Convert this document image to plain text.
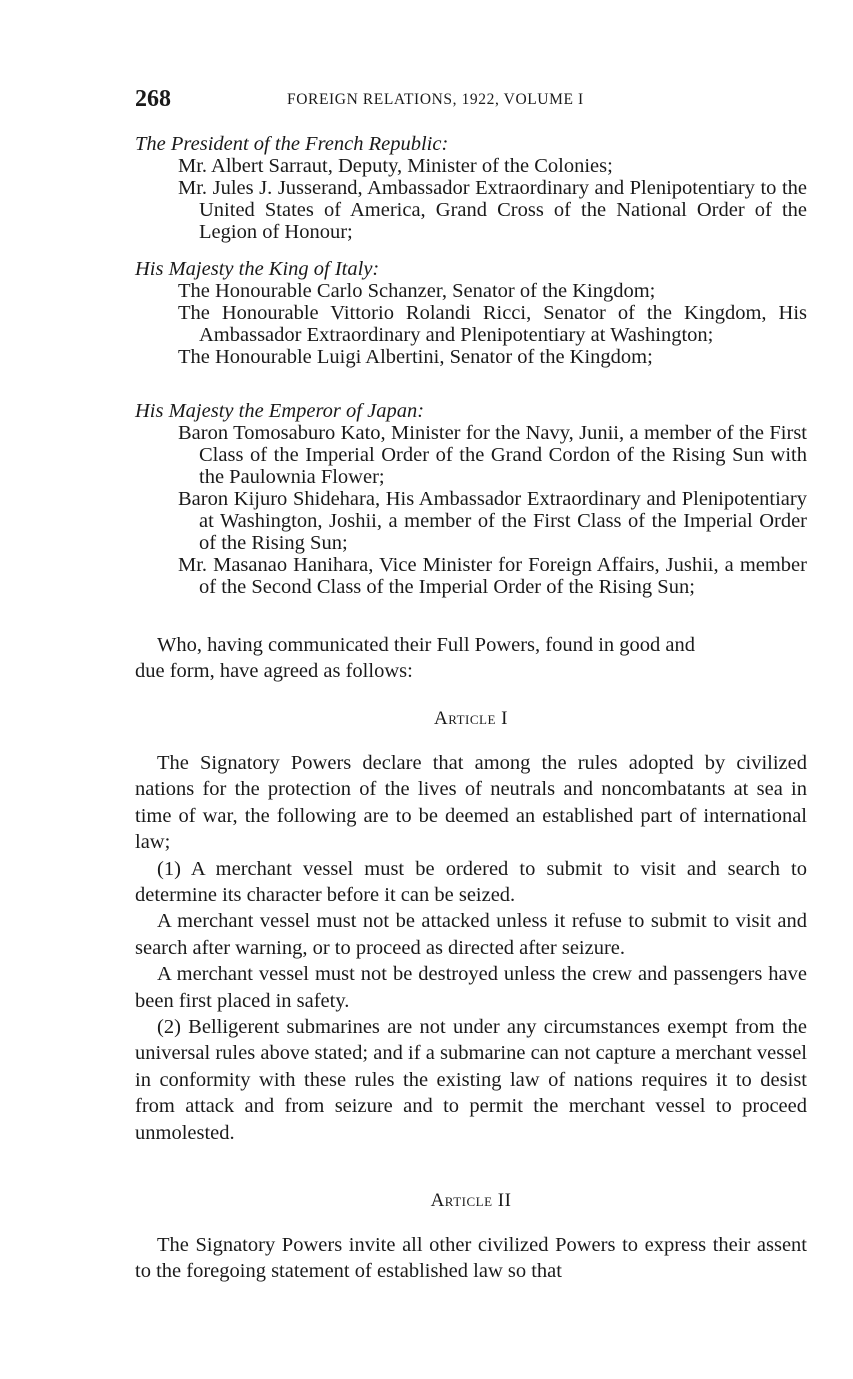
268	FOREIGN RELATIONS, 1922, VOLUME I
The President of the French Republic:
Mr. Albert Sarraut, Deputy, Minister of the Colonies;
Mr. Jules J. Jusserand, Ambassador Extraordinary and Plenipotentiary to the United States of America, Grand Cross of the National Order of the Legion of Honour;
His Majesty the King of Italy:
The Honourable Carlo Schanzer, Senator of the Kingdom;
The Honourable Vittorio Rolandi Ricci, Senator of the Kingdom, His Ambassador Extraordinary and Plenipotentiary at Washington;
The Honourable Luigi Albertini, Senator of the Kingdom;
His Majesty the Emperor of Japan:
Baron Tomosaburo Kato, Minister for the Navy, Junii, a member of the First Class of the Imperial Order of the Grand Cordon of the Rising Sun with the Paulownia Flower;
Baron Kijuro Shidehara, His Ambassador Extraordinary and Plenipotentiary at Washington, Joshii, a member of the First Class of the Imperial Order of the Rising Sun;
Mr. Masanao Hanihara, Vice Minister for Foreign Affairs, Jushii, a member of the Second Class of the Imperial Order of the Rising Sun;

Who, having communicated their Full Powers, found in good and

due form, have agreed as follows:

Article I

The Signatory Powers declare that among the rules adopted by civilized nations for the protection of the lives of neutrals and noncombatants at sea in time of war, the following are to be deemed an established part of international law;

(1) A merchant vessel must be ordered to submit to visit and search to determine its character before it can be seized.

A merchant vessel must not be attacked unless it refuse to submit to visit and search after warning, or to proceed as directed after seizure.

A merchant vessel must not be destroyed unless the crew and passengers have been first placed in safety.

(2) Belligerent submarines are not under any circumstances exempt from the universal rules above stated; and if a submarine can not capture a merchant vessel in conformity with these rules the existing law of nations requires it to desist from attack and from seizure and to permit the merchant vessel to proceed unmolested.

Article II

The Signatory Powers invite all other civilized Powers to express their assent to the foregoing statement of established law so that
